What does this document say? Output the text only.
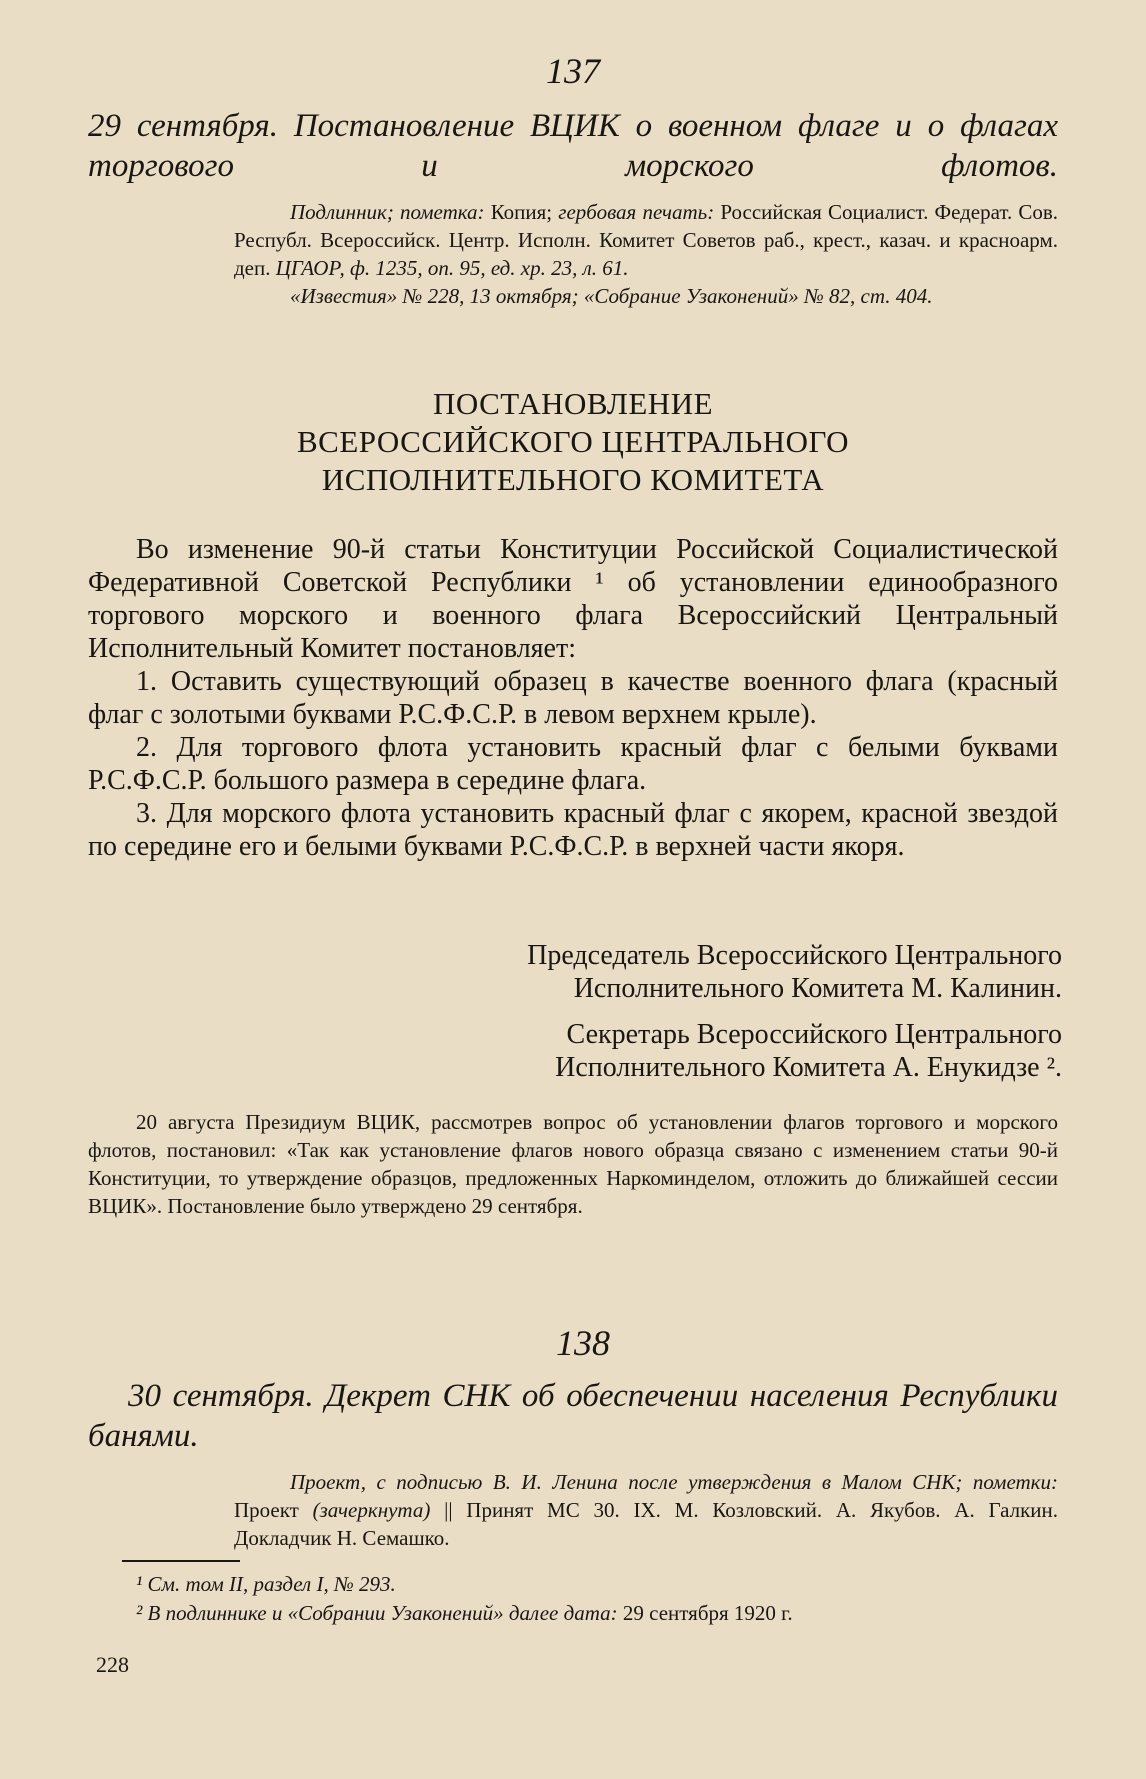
137

29 сентября. Постановление ВЦИК о военном флаге и о флагах торгового и морского флотов.

Подлинник; пометка: Копия; гербовая печать: Российская Социалист. Федерат. Сов. Республ. Всероссийск. Центр. Исполн. Комитет Советов раб., крест., казач. и красноарм. деп. ЦГАОР, ф. 1235, оп. 95, ед. хр. 23, л. 61.

«Известия» № 228, 13 октября; «Собрание Узаконений» № 82, ст. 404.

ПОСТАНОВЛЕНИЕ

ВСЕРОССИЙСКОГО ЦЕНТРАЛЬНОГО

ИСПОЛНИТЕЛЬНОГО КОМИТЕТА

Во изменение 90-й статьи Конституции Российской Социалистической Федеративной Советской Республики ¹ об установлении единообразного торгового морского и военного флага Всероссийский Центральный Исполнительный Комитет постановляет:

1. Оставить существующий образец в качестве военного флага (красный флаг с золотыми буквами Р.С.Ф.С.Р. в левом верхнем крыле).

2. Для торгового флота установить красный флаг с белыми буквами Р.С.Ф.С.Р. большого размера в середине флага.

3. Для морского флота установить красный флаг с якорем, красной звездой по середине его и белыми буквами Р.С.Ф.С.Р. в верхней части якоря.

Председатель Всероссийского Центрального

Исполнительного Комитета М. Калинин.

Секретарь Всероссийского Центрального

Исполнительного Комитета А. Енукидзе ².

20 августа Президиум ВЦИК, рассмотрев вопрос об установлении флагов торгового и морского флотов, постановил: «Так как установление флагов нового образца связано с изменением статьи 90-й Конституции, то утверждение образцов, предложенных Наркоминделом, отложить до ближайшей сессии ВЦИК». Постановление было утверждено 29 сентября.

138

30 сентября. Декрет СНК об обеспечении населения Республики банями.

Проект, с подписью В. И. Ленина после утверждения в Малом СНК; пометки: Проект (зачеркнута) || Принят МС 30. IX. М. Козловский. А. Якубов. А. Галкин. Докладчик Н. Семашко.

¹ См. том II, раздел I, № 293.

² В подлиннике и «Собрании Узаконений» далее дата: 29 сентября 1920 г.

228
